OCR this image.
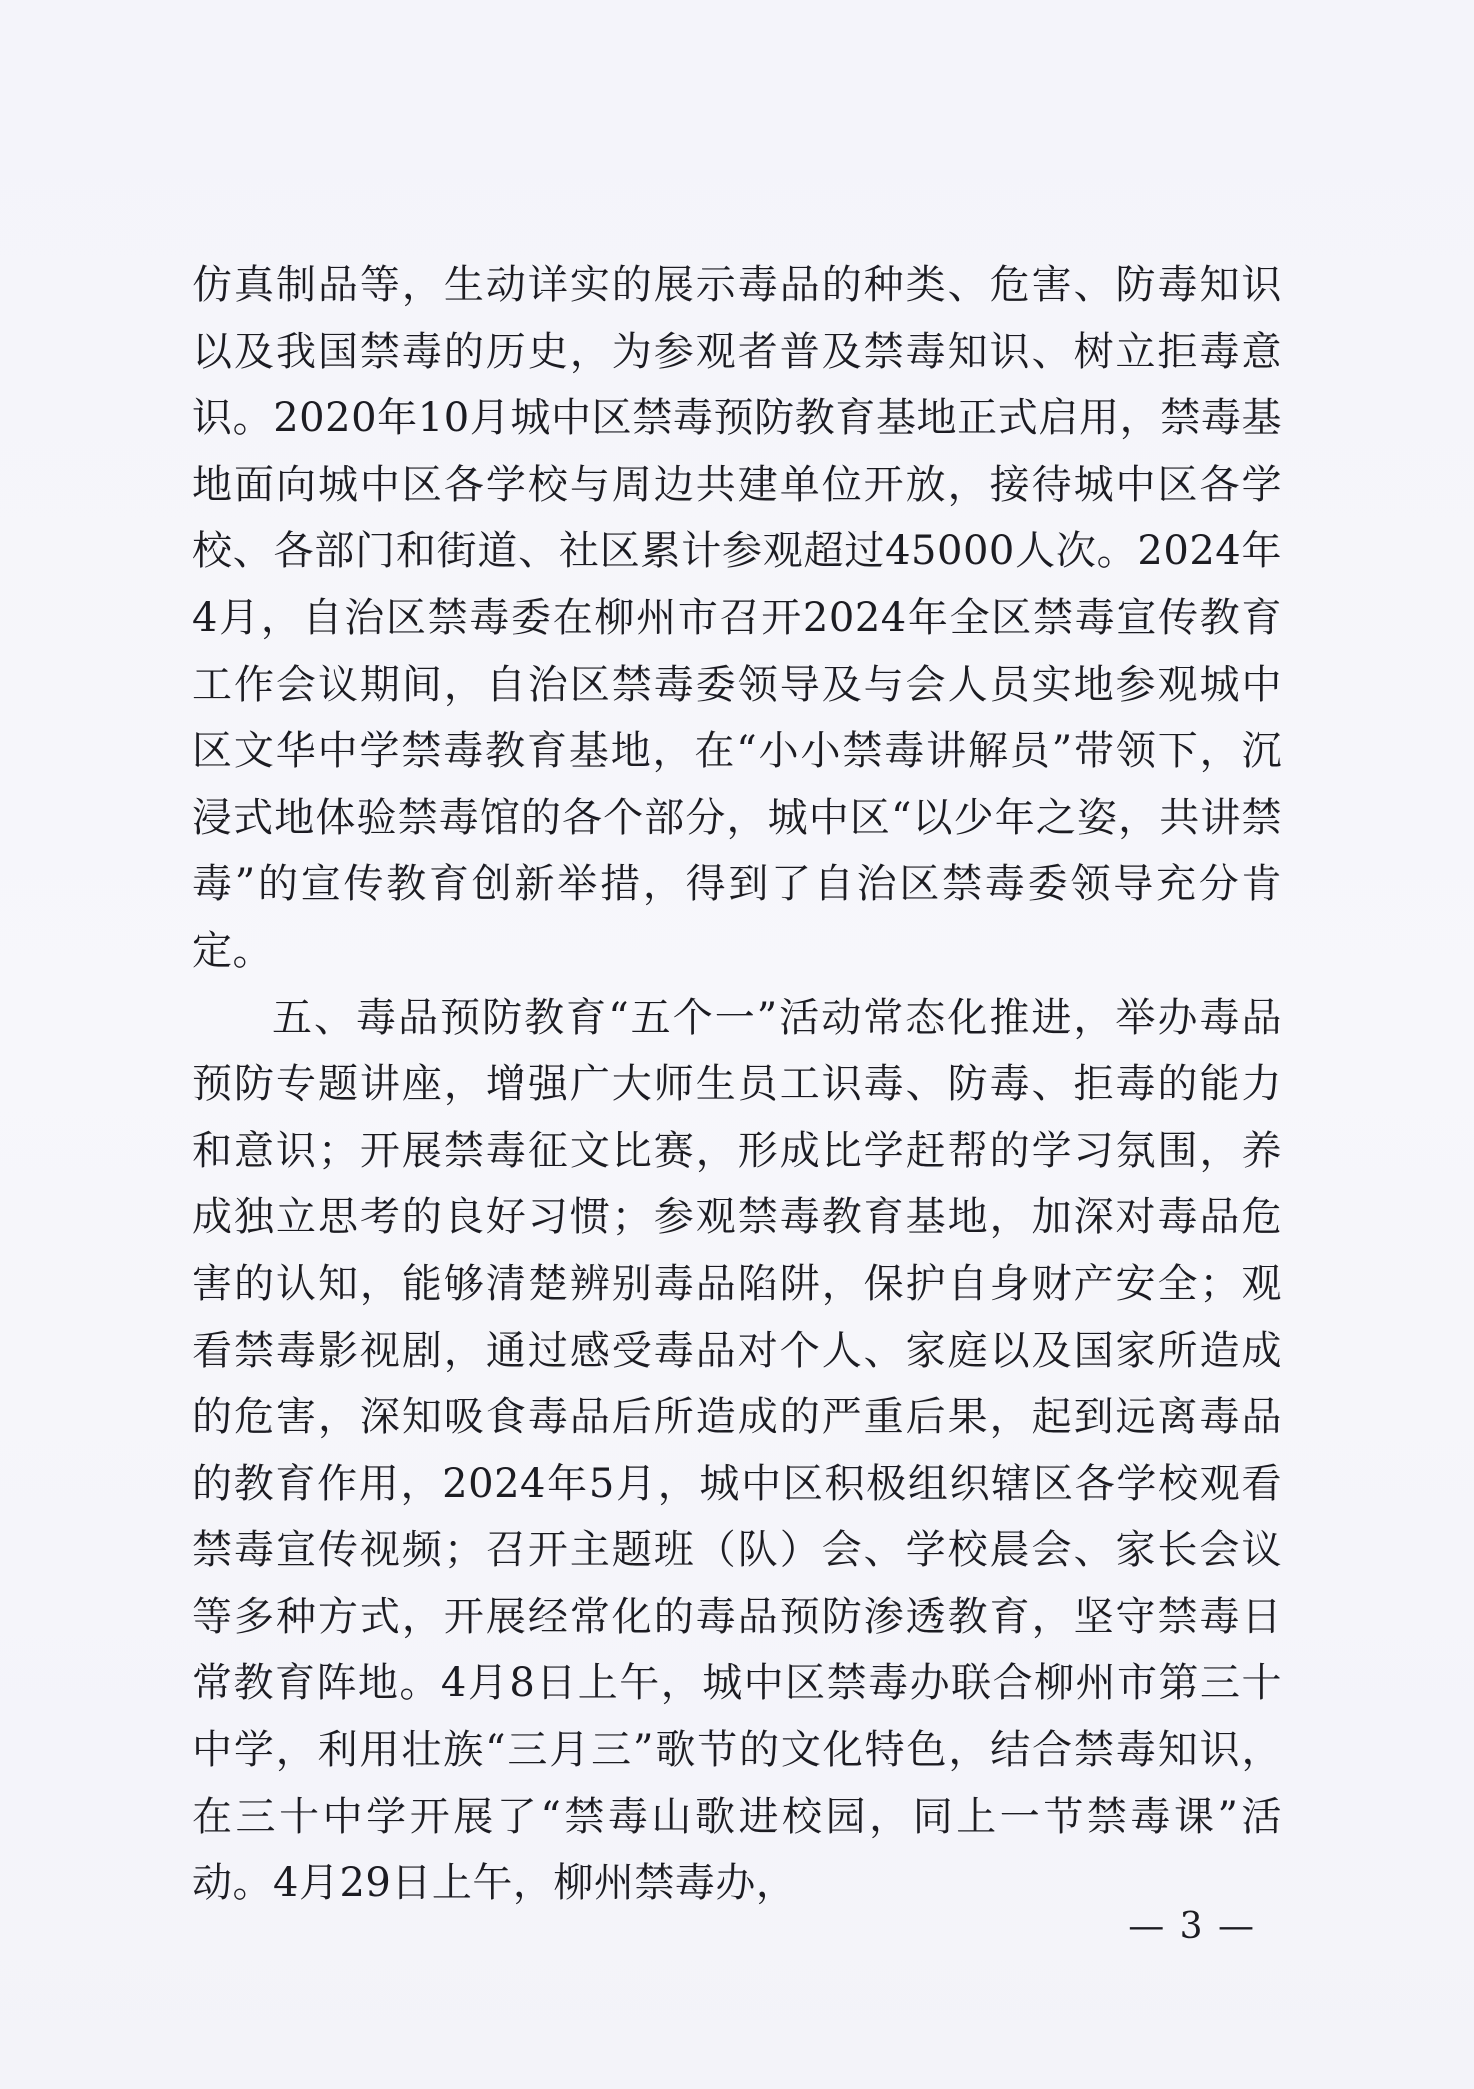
仿真制品等，生动详实的展示毒品的种类、危害、防毒知识以及我国禁毒的历史，为参观者普及禁毒知识、树立拒毒意识。2020年10月城中区禁毒预防教育基地正式启用，禁毒基地面向城中区各学校与周边共建单位开放，接待城中区各学校、各部门和街道、社区累计参观超过45000人次。2024年4月，自治区禁毒委在柳州市召开2024年全区禁毒宣传教育工作会议期间，自治区禁毒委领导及与会人员实地参观城中区文华中学禁毒教育基地，在“小小禁毒讲解员”带领下，沉浸式地体验禁毒馆的各个部分，城中区“以少年之姿，共讲禁毒”的宣传教育创新举措，得到了自治区禁毒委领导充分肯定。

五、毒品预防教育“五个一”活动常态化推进，举办毒品预防专题讲座，增强广大师生员工识毒、防毒、拒毒的能力和意识；开展禁毒征文比赛，形成比学赶帮的学习氛围，养成独立思考的良好习惯；参观禁毒教育基地，加深对毒品危害的认知，能够清楚辨别毒品陷阱，保护自身财产安全；观看禁毒影视剧，通过感受毒品对个人、家庭以及国家所造成的危害，深知吸食毒品后所造成的严重后果，起到远离毒品的教育作用，2024年5月，城中区积极组织辖区各学校观看禁毒宣传视频；召开主题班（队）会、学校晨会、家长会议等多种方式，开展经常化的毒品预防渗透教育，坚守禁毒日常教育阵地。4月8日上午，城中区禁毒办联合柳州市第三十中学，利用壮族“三月三”歌节的文化特色，结合禁毒知识，在三十中学开展了“禁毒山歌进校园，同上一节禁毒课”活动。4月29日上午，柳州禁毒办，

— 3 —
